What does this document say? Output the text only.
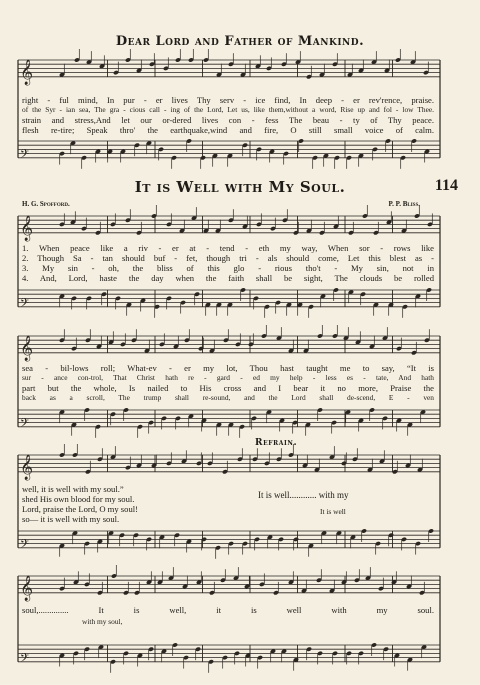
𝄞
𝄢
𝄞
𝄢
𝄞
𝄢
𝄞
𝄢
𝄞
𝄢
Dear Lord and Father of Mankind.
right - ful mind, In pur - er lives Thy serv - ice find, In deep - er rev'rence, praise.
of the Syr - ian sea, The gra - cious call - ing of the Lord, Let us, like them,without a word, Rise up and fol - low Thee.
strain and stress,And let our or-dered lives con - fess The beau - ty of Thy peace.
flesh re-tire; Speak thro' the earthquake,wind and fire, O still small voice of calm.
It is Well with My Soul.	114
H. G. Spofford.	P. P. Bliss.
1. When peace like a riv - er at - tend - eth my way, When sor - rows like
2. Though Sa - tan should buf - fet, though tri - als should come, Let this blest as -
3. My sin - oh, the bliss of this glo - rious tho't - My sin, not in
4. And, Lord, haste the day when the faith shall be sight, The clouds be rolled
sea - bil-lows roll; What-ev - er my lot, Thou hast taught me to say, “It is
sur - ance con-trol, That Christ hath re - gard - ed my help - less es - tate, And hath
part but the whole, Is nailed to His cross and I bear it no more, Praise the
back as a scroll, The trump shall re-sound, and the Lord shall de-scend, E - ven
Refrain.
well, it is well with my soul.”
shed His own blood for my soul.
Lord, praise the Lord, O my soul!
so— it is well with my soul.
It is well............ with my
It is well
soul,.............. It is well, it is well with my soul.
with my soul,
